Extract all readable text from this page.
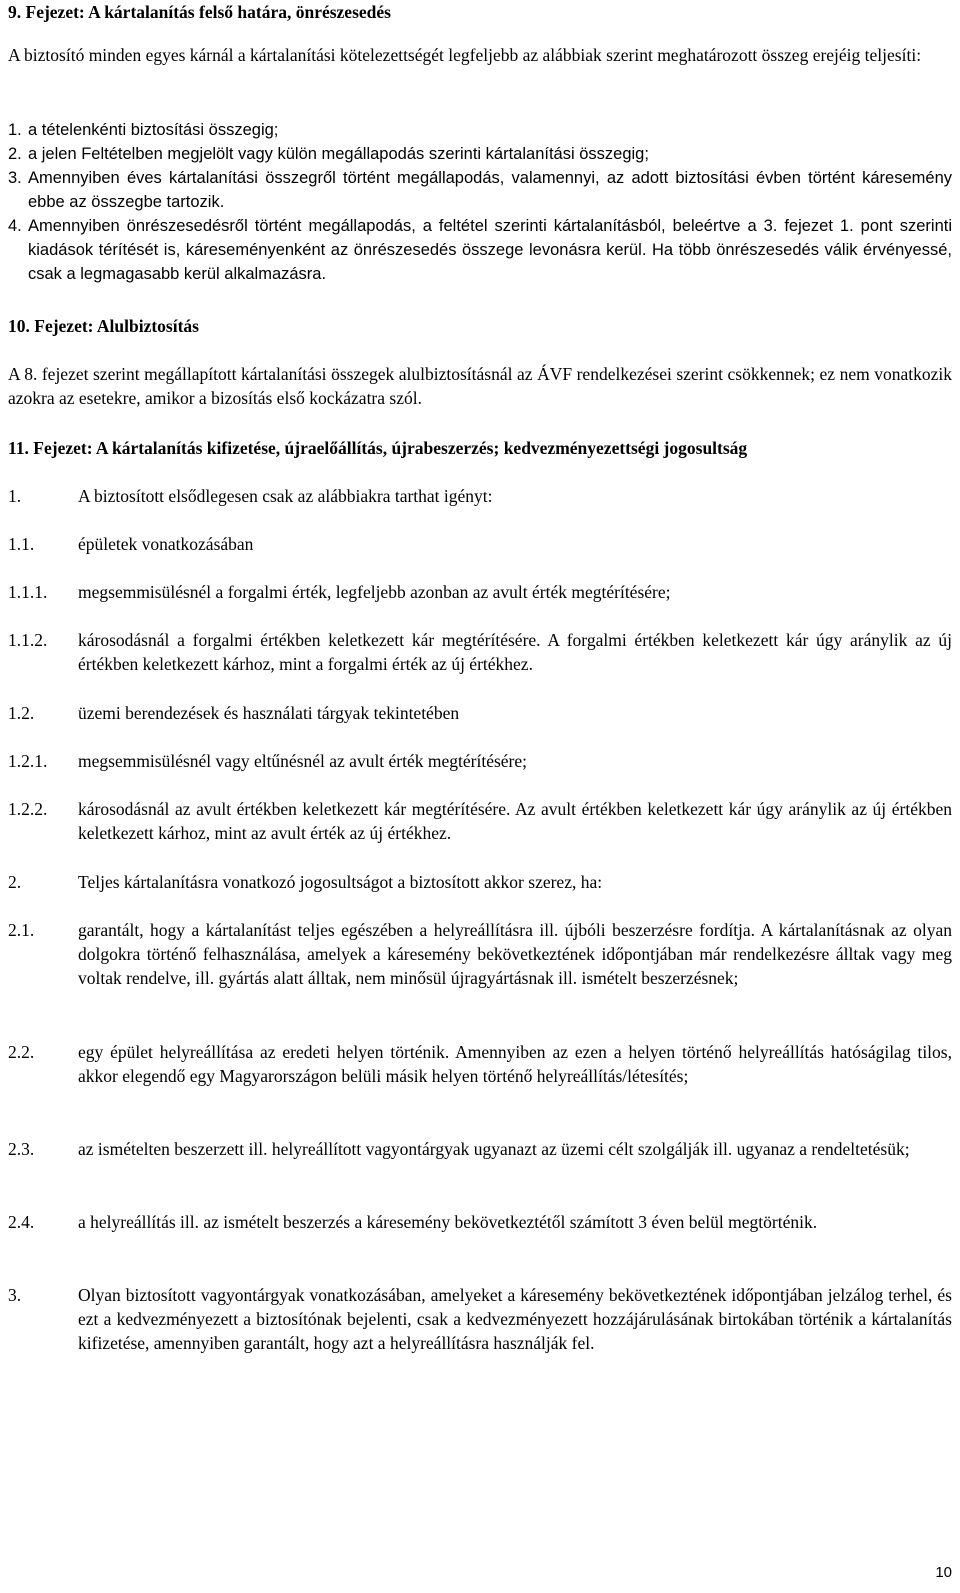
9. Fejezet: A kártalanítás felső határa, önrészesedés

A biztosító minden egyes kárnál a kártalanítási kötelezettségét legfeljebb az alábbiak szerint meghatározott összeg erejéig teljesíti:

1. a tételenkénti biztosítási összegig;
2. a jelen Feltételben megjelölt vagy külön megállapodás szerinti kártalanítási összegig;
3. Amennyiben éves kártalanítási összegről történt megállapodás, valamennyi, az adott biztosítási évben történt káresemény ebbe az összegbe tartozik.
4. Amennyiben önrészesedésről történt megállapodás, a feltétel szerinti kártalanításból, beleértve a 3. fejezet 1. pont szerinti kiadások térítését is, káreseményenként az önrészesedés összege levonásra kerül. Ha több önrészesedés válik érvényessé, csak a legmagasabb kerül alkalmazásra.
10. Fejezet: Alulbiztosítás

A 8. fejezet szerint megállapított kártalanítási összegek alulbiztosításnál az ÁVF rendelkezései szerint csökkennek; ez nem vonatkozik azokra az esetekre, amikor a bizosítás első kockázatra szól.

11. Fejezet: A kártalanítás kifizetése, újraelőállítás, újrabeszerzés; kedvezményezettségi jogosultság
1.	A biztosított elsődlegesen csak az alábbiakra tarthat igényt:
1.1.	épületek vonatkozásában
1.1.1.	megsemmisülésnél a forgalmi érték, legfeljebb azonban az avult érték megtérítésére;
1.1.2.	károsodásnál a forgalmi értékben keletkezett kár megtérítésére. A forgalmi értékben keletkezett kár úgy aránylik az új értékben keletkezett kárhoz, mint a forgalmi érték az új értékhez.
1.2.	üzemi berendezések és használati tárgyak tekintetében
1.2.1.	megsemmisülésnél vagy eltűnésnél az avult érték megtérítésére;
1.2.2.	károsodásnál az avult értékben keletkezett kár megtérítésére. Az avult értékben keletkezett kár úgy aránylik az új értékben keletkezett kárhoz, mint az avult érték az új értékhez.
2.	Teljes kártalanításra vonatkozó jogosultságot a biztosított akkor szerez, ha:
2.1.	garantált, hogy a kártalanítást teljes egészében a helyreállításra ill. újbóli beszerzésre fordítja. A kártalanításnak az olyan dolgokra történő felhasználása, amelyek a káresemény bekövetkeztének időpontjában már rendelkezésre álltak vagy meg voltak rendelve, ill. gyártás alatt álltak, nem minősül újragyártásnak ill. ismételt beszerzésnek;
2.2.	egy épület helyreállítása az eredeti helyen történik. Amennyiben az ezen a helyen történő helyreállítás hatóságilag tilos, akkor elegendő egy Magyarországon belüli másik helyen történő helyreállítás/létesítés;
2.3.	az ismételten beszerzett ill. helyreállított vagyontárgyak ugyanazt az üzemi célt szolgálják ill. ugyanaz a rendeltetésük;
2.4.	a helyreállítás ill. az ismételt beszerzés a káresemény bekövetkeztétől számított 3 éven belül megtörténik.
3.	Olyan biztosított vagyontárgyak vonatkozásában, amelyeket a káresemény bekövetkeztének időpontjában jelzálog terhel, és ezt a kedvezményezett a biztosítónak bejelenti, csak a kedvezményezett hozzájárulásának birtokában történik a kártalanítás kifizetése, amennyiben garantált, hogy azt a helyreállításra használják fel.
10
